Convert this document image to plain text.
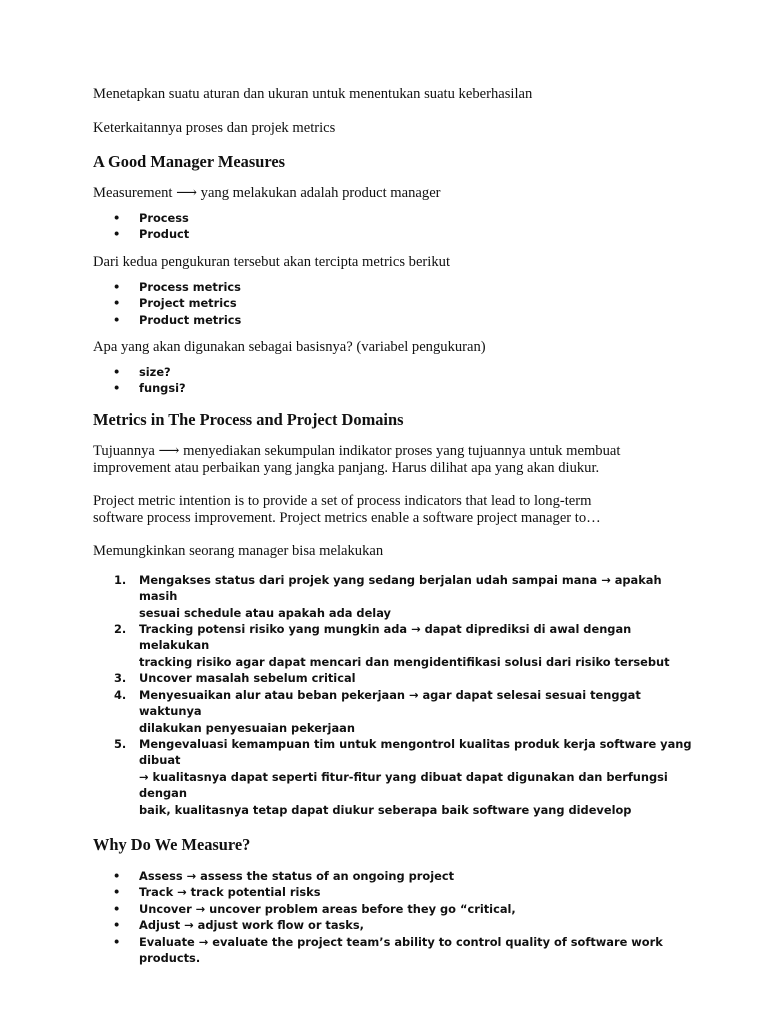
Menetapkan suatu aturan dan ukuran untuk menentukan suatu keberhasilan

Keterkaitannya proses dan projek metrics

A Good Manager Measures

Measurement ⟶ yang melakukan adalah product manager

• Process
• Product

Dari kedua pengukuran tersebut akan tercipta metrics berikut

• Process metrics
• Project metrics
• Product metrics

Apa yang akan digunakan sebagai basisnya? (variabel pengukuran)

• size?
• fungsi?
Metrics in The Process and Project Domains

Tujuannya ⟶ menyediakan sekumpulan indikator proses yang tujuannya untuk membuat
improvement atau perbaikan yang jangka panjang. Harus dilihat apa yang akan diukur.

Project metric intention is to provide a set of process indicators that lead to long-term
software process improvement. Project metrics enable a software project manager to…

Memungkinkan seorang manager bisa melakukan

1. Mengakses status dari projek yang sedang berjalan udah sampai mana → apakah masih
sesuai schedule atau apakah ada delay
2. Tracking potensi risiko yang mungkin ada → dapat diprediksi di awal dengan melakukan
tracking risiko agar dapat mencari dan mengidentifikasi solusi dari risiko tersebut
3. Uncover masalah sebelum critical
4. Menyesuaikan alur atau beban pekerjaan → agar dapat selesai sesuai tenggat waktunya
dilakukan penyesuaian pekerjaan
5. Mengevaluasi kemampuan tim untuk mengontrol kualitas produk kerja software yang dibuat
→ kualitasnya dapat seperti fitur-fitur yang dibuat dapat digunakan dan berfungsi dengan
baik, kualitasnya tetap dapat diukur seberapa baik software yang didevelop
Why Do We Measure?
• Assess → assess the status of an ongoing project
• Track → track potential risks
• Uncover → uncover problem areas before they go “critical,
• Adjust → adjust work flow or tasks,
• Evaluate → evaluate the project team’s ability to control quality of software work products.
